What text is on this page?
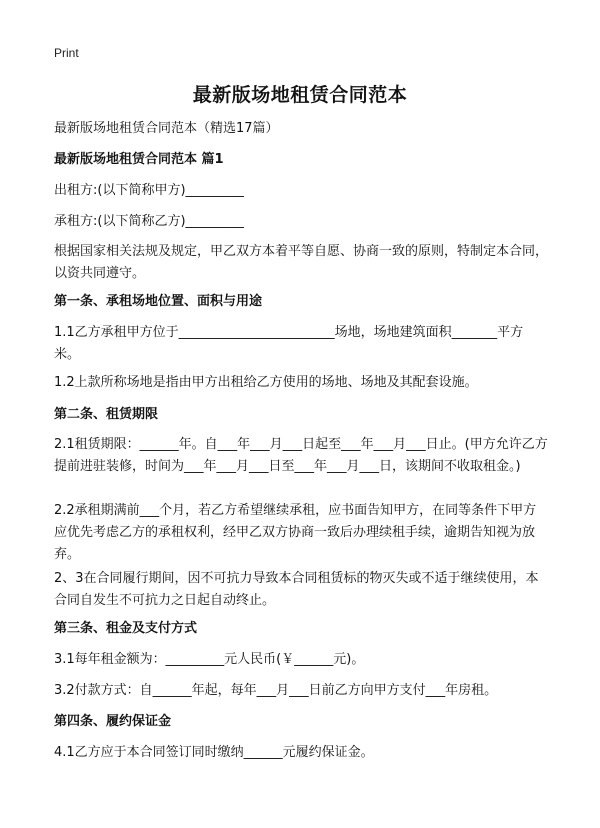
Print
最新版场地租赁合同范本
最新版场地租赁合同范本（精选17篇）
最新版场地租赁合同范本 篇1
出租方:(以下简称甲方)_________
承租方:(以下简称乙方)_________
根据国家相关法规及规定，甲乙双方本着平等自愿、协商一致的原则，特制定本合同，以资共同遵守。
第一条、承租场地位置、面积与用途
1.1乙方承租甲方位于________________________场地，场地建筑面积_______平方米。
1.2上款所称场地是指由甲方出租给乙方使用的场地、场地及其配套设施。
第二条、租赁期限
2.1租赁期限：______年。自___年___月___日起至___年___月___日止。(甲方允许乙方提前进驻装修，时间为___年___月___日至___年___月___日，该期间不收取租金。)
2.2承租期满前___个月，若乙方希望继续承租，应书面告知甲方，在同等条件下甲方应优先考虑乙方的承租权利，经甲乙双方协商一致后办理续租手续，逾期告知视为放弃。
2、3在合同履行期间，因不可抗力导致本合同租赁标的物灭失或不适于继续使用，本合同自发生不可抗力之日起自动终止。
第三条、租金及支付方式
3.1每年租金额为：_________元人民币(￥______元)。
3.2付款方式：自______年起，每年___月___日前乙方向甲方支付___年房租。
第四条、履约保证金
4.1乙方应于本合同签订同时缴纳______元履约保证金。
